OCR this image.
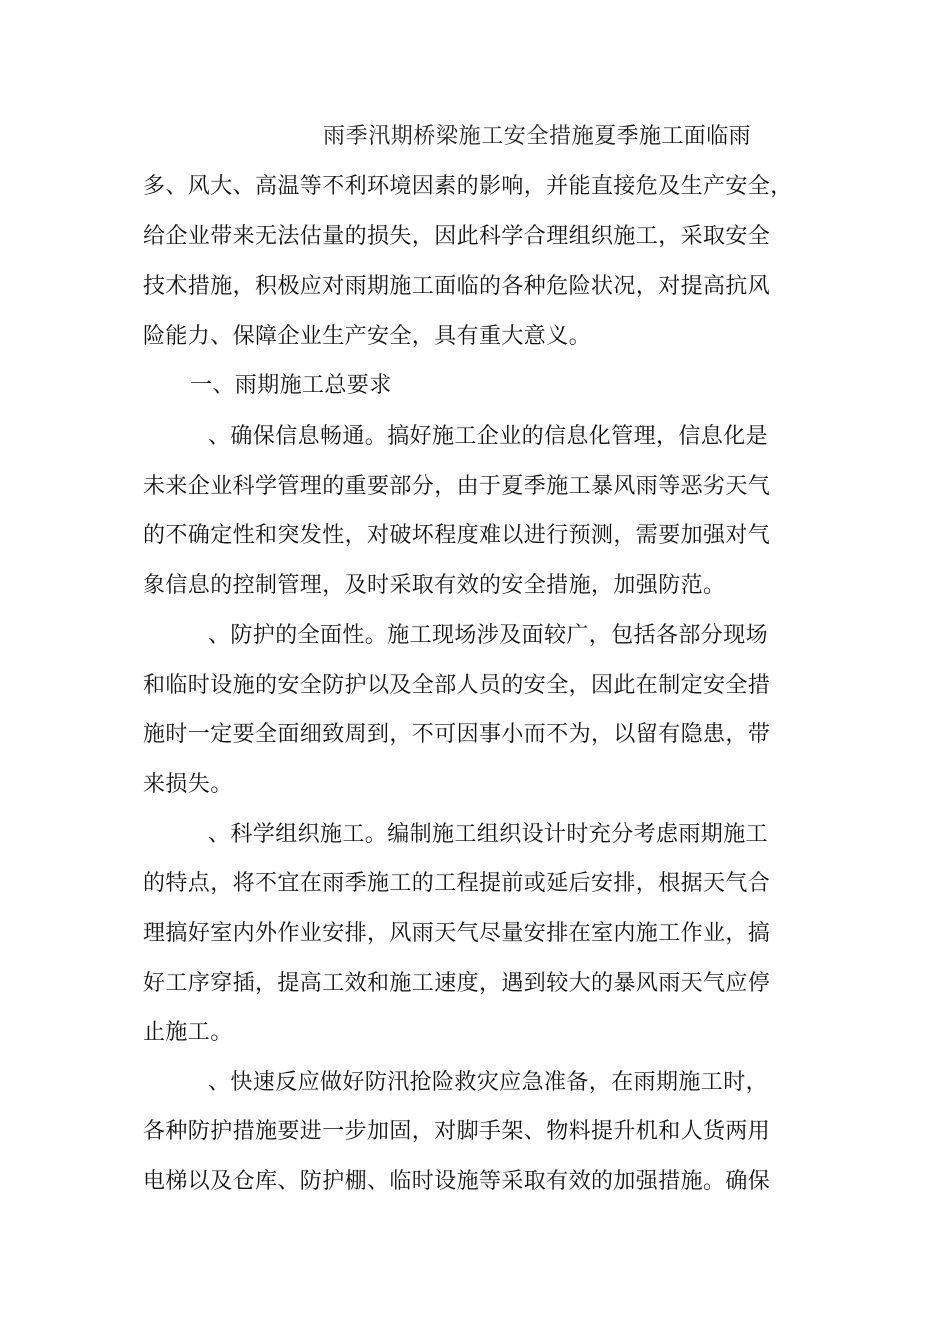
雨季汛期桥梁施工安全措施夏季施工面临雨
多、风大、高温等不利环境因素的影响，并能直接危及生产安全，
给企业带来无法估量的损失，因此科学合理组织施工，采取安全
技术措施，积极应对雨期施工面临的各种危险状况，对提高抗风
险能力、保障企业生产安全，具有重大意义。
一、雨期施工总要求
、确保信息畅通。搞好施工企业的信息化管理，信息化是
未来企业科学管理的重要部分，由于夏季施工暴风雨等恶劣天气
的不确定性和突发性，对破坏程度难以进行预测，需要加强对气
象信息的控制管理，及时采取有效的安全措施，加强防范。
、防护的全面性。施工现场涉及面较广，包括各部分现场
和临时设施的安全防护以及全部人员的安全，因此在制定安全措
施时一定要全面细致周到，不可因事小而不为，以留有隐患，带
来损失。
、科学组织施工。编制施工组织设计时充分考虑雨期施工
的特点，将不宜在雨季施工的工程提前或延后安排，根据天气合
理搞好室内外作业安排，风雨天气尽量安排在室内施工作业，搞
好工序穿插，提高工效和施工速度，遇到较大的暴风雨天气应停
止施工。
、快速反应做好防汛抢险救灾应急准备，在雨期施工时，
各种防护措施要进一步加固，对脚手架、物料提升机和人货两用
电梯以及仓库、防护棚、临时设施等采取有效的加强措施。确保
